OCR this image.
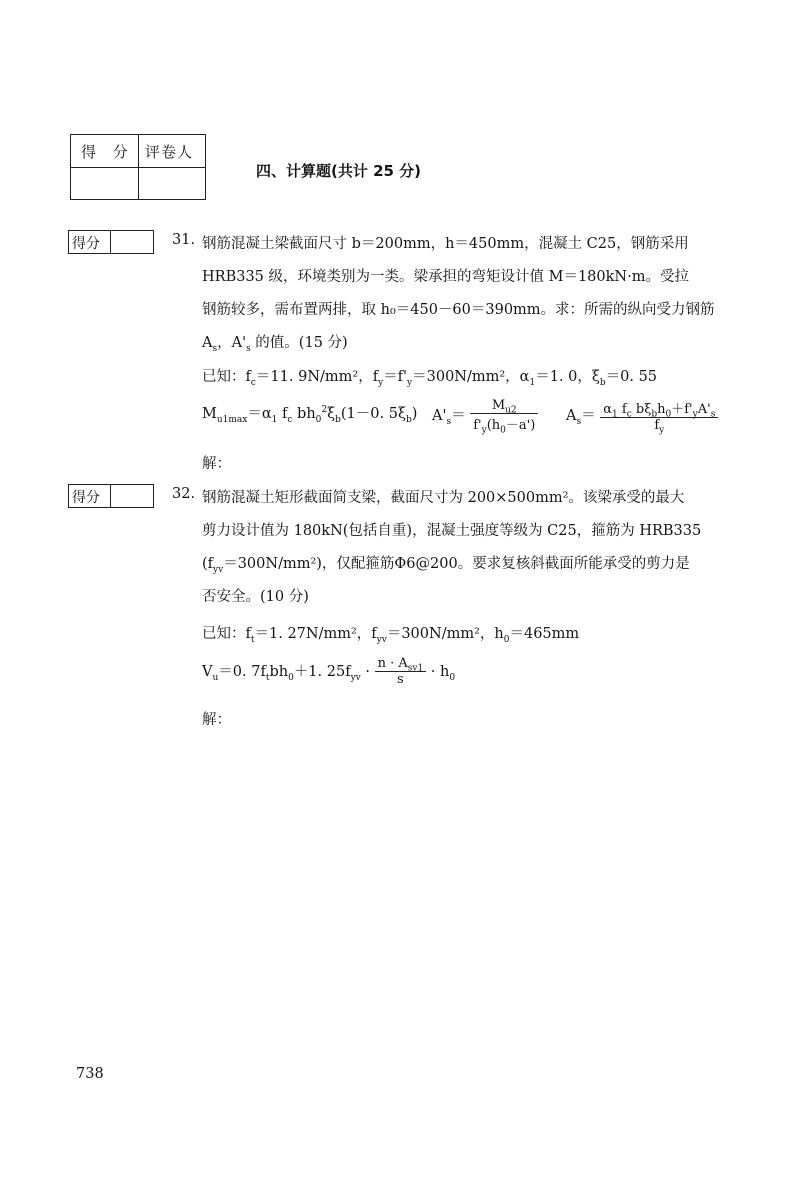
得 分 评卷人
四、计算题(共计 25 分)
得分	31. 钢筋混凝土梁截面尺寸 b＝200mm，h＝450mm，混凝土 C25，钢筋采用
HRB335 级，环境类别为一类。梁承担的弯矩设计值 M＝180kN·m。受拉
钢筋较多，需布置两排，取 h₀＝450－60＝390mm。求：所需的纵向受力钢筋
$A_s$，$A'_s$ 的值。(15 分)
已知：$f_c=11$. 9N/mm²，$f_y=f'_y=300N$/mm²，$\alpha_1=1$. 0，$\xi_b=0$. 55
$M_{u1max}=\alpha_1$ $f_c$ $bh_0^2\xi_b(1-0$. $5\xi_b$) $A'_s= \frac{M_{u2}}{f'_y(h_0-a')} A_s= \frac{\alpha_1 f_c b\xi_bh_0+f'_yA'_s}{f_y}$
解：
得分	32. 钢筋混凝土矩形截面简支梁，截面尺寸为 200×500mm²。该梁承受的最大
剪力设计值为 180kN(包括自重)，混凝土强度等级为 C25，箍筋为 HRB335
$(f_{yv}=300N/mm^2)$，仅配箍筋Φ6@200。要求复核斜截面所能承受的剪力是
否安全。(10 分)
已知：$f_t=1$. 27N/mm²，$f_{yv}=300N$/mm²，$h_0=465mm$
$V_u=0$. $7f_tbh_0+1$. $25f_{yv} \cdot \frac{n \cdot A_{sv1}}{s} \cdot h_0$
解：
738
